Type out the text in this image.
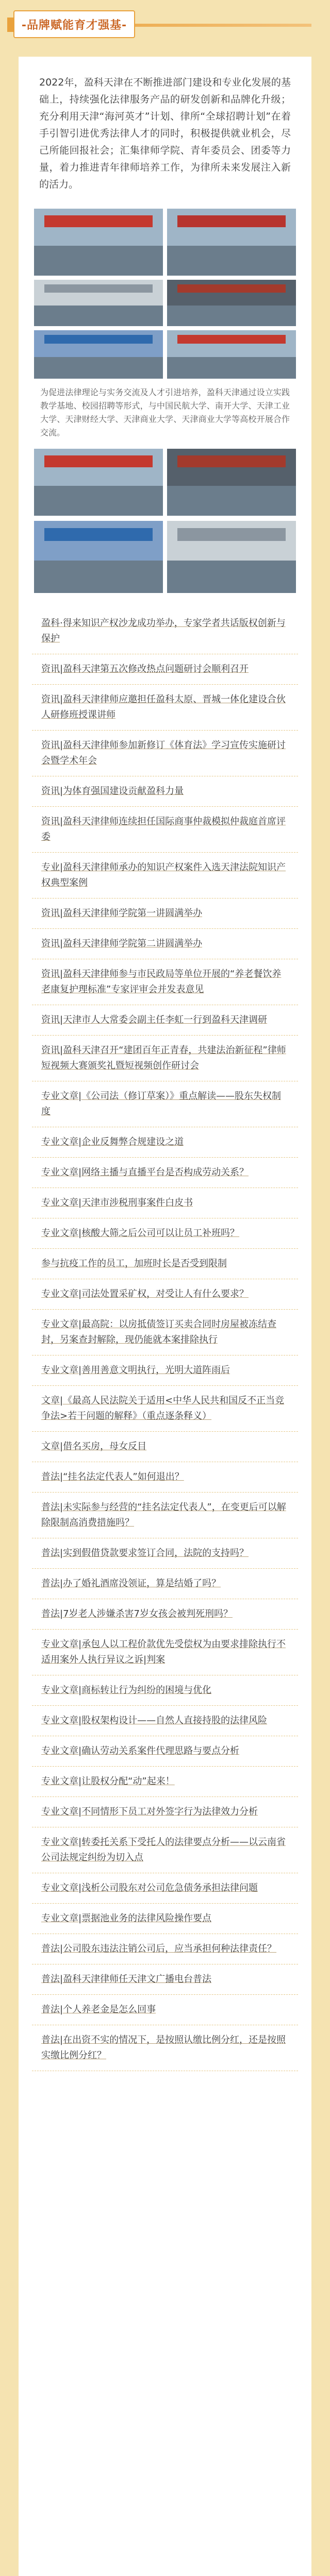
-品牌赋能育才强基-

2022年，盈科天津在不断推进部门建设和专业化发展的基础上，持续强化法律服务产品的研发创新和品牌化升级；充分利用天津“海河英才”计划、律所“全球招聘计划”在着手引智引进优秀法律人才的同时，积极提供就业机会，尽己所能回报社会；汇集律师学院、青年委员会、团委等力量，着力推进青年律师培养工作，为律所未来发展注入新的活力。

为促进法律理论与实务交流及人才引进培养，盈科天津通过设立实践教学基地、校园招聘等形式，与中国民航大学、南开大学、天津工业大学、天津财经大学、天津商业大学、天津商业大学等高校开展合作交流。

盈科·得来知识产权沙龙成功举办，专家学者共话版权创新与保护
资讯|盈科天津第五次修改热点问题研讨会顺利召开
资讯|盈科天津律师应邀担任盈科太原、晋城一体化建设合伙人研修班授课讲师
资讯|盈科天津律师参加新修订《体育法》学习宣传实施研讨会暨学术年会
资讯|为体育强国建设贡献盈科力量
资讯|盈科天津律师连续担任国际商事仲裁模拟仲裁庭首席评委
专业|盈科天津律师承办的知识产权案件入选天津法院知识产权典型案例
资讯|盈科天津律师学院第一讲圆满举办
资讯|盈科天津律师学院第二讲圆满举办
资讯|盈科天津律师参与市民政局等单位开展的“养老餐饮养老康复护理标准”专家评审会并发表意见
资讯|天津市人大常委会副主任李虹一行到盈科天津调研
资讯|盈科天津召开“建团百年正青春，共建法治新征程”律师短视频大赛颁奖礼暨短视频创作研讨会
专业文章|《公司法（修订草案）》重点解读——股东失权制度
专业文章|企业反舞弊合规建设之道
专业文章|网络主播与直播平台是否构成劳动关系？
专业文章|天津市涉税刑事案件白皮书
专业文章|核酸大筛之后公司可以让员工补班吗？
参与抗疫工作的员工，加班时长是否受到限制
专业文章|司法处置采矿权，对受让人有什么要求？
专业文章|最高院：以房抵债签订买卖合同时房屋被冻结查封，另案查封解除，现仍能就本案排除执行
专业文章|善用善意文明执行，光明大道阵雨后
文章|《最高人民法院关于适用<中华人民共和国反不正当竞争法>若干问题的解释》（重点逐条释义）
文章|借名买房，母女反目
普法|“挂名法定代表人”如何退出？
普法|未实际参与经营的“挂名法定代表人”，在变更后可以解除限制高消费措施吗？
普法|实到假借贷款要求签订合同，法院的支持吗？
普法|办了婚礼酒席没领证，算是结婚了吗？
普法|7岁老人涉嫌杀害7岁女孩会被判死刑吗？
专业文章|承包人以工程价款优先受偿权为由要求排除执行不适用案外人执行异议之诉|判案
专业文章|商标转让行为纠纷的困境与优化
专业文章|股权架构设计——自然人直接持股的法律风险
专业文章|确认劳动关系案件代理思路与要点分析
专业文章|让股权分配“动”起来！
专业文章|不同情形下员工对外签字行为法律效力分析
专业文章|转委托关系下受托人的法律要点分析——以云南省公司法规定纠纷为切入点
专业文章|浅析公司股东对公司危急债务承担法律问题
专业文章|票据池业务的法律风险操作要点
普法|公司股东违法注销公司后，应当承担何种法律责任？
普法|盈科天津律师任天津文广播电台普法
普法|个人养老金是怎么回事
普法|在出资不实的情况下，是按照认缴比例分红，还是按照实缴比例分红？
